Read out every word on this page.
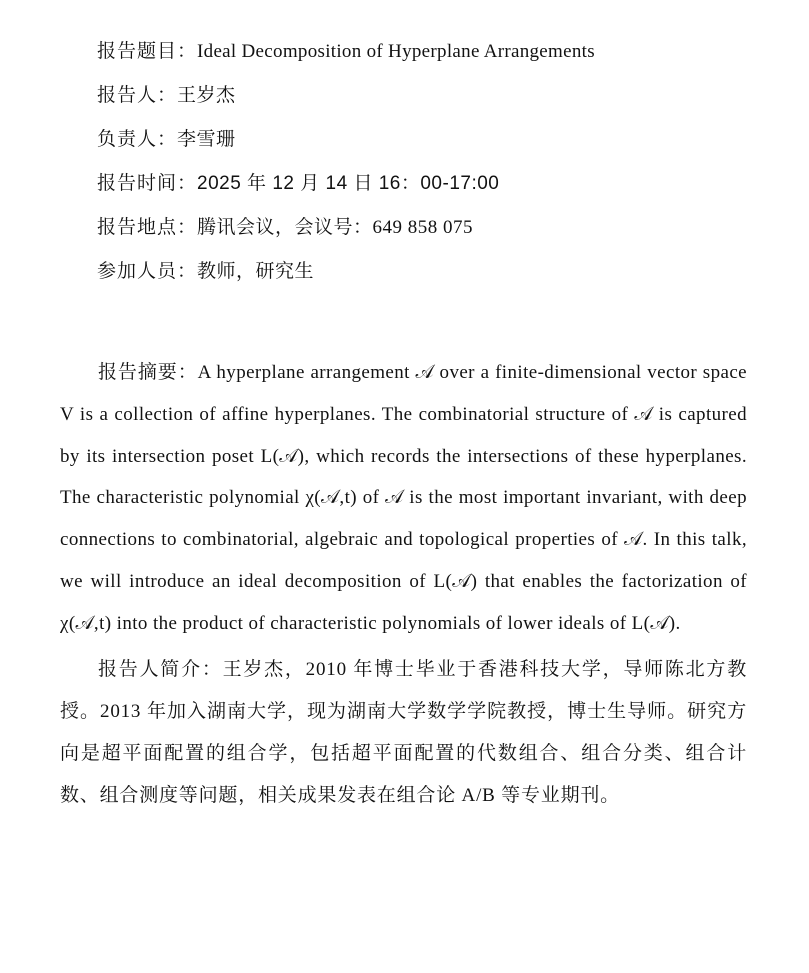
报告题目：Ideal Decomposition of Hyperplane Arrangements

报告人：王岁杰

负责人：李雪珊

报告时间：2025 年 12 月 14 日 16：00-17:00

报告地点：腾讯会议，会议号：649 858 075

参加人员：教师，研究生

报告摘要：A hyperplane arrangement 𝒜 over a finite-dimensional vector space V is a collection of affine hyperplanes. The combinatorial structure of 𝒜 is captured by its intersection poset L(𝒜), which records the intersections of these hyperplanes. The characteristic polynomial χ(𝒜,t) of 𝒜 is the most important invariant, with deep connections to combinatorial, algebraic and topological properties of 𝒜. In this talk, we will introduce an ideal decomposition of L(𝒜) that enables the factorization of χ(𝒜,t) into the product of characteristic polynomials of lower ideals of L(𝒜).

报告人简介：王岁杰，2010 年博士毕业于香港科技大学，导师陈北方教授。2013 年加入湖南大学，现为湖南大学数学学院教授，博士生导师。研究方向是超平面配置的组合学，包括超平面配置的代数组合、组合分类、组合计数、组合测度等问题，相关成果发表在组合论 A/B 等专业期刊。
